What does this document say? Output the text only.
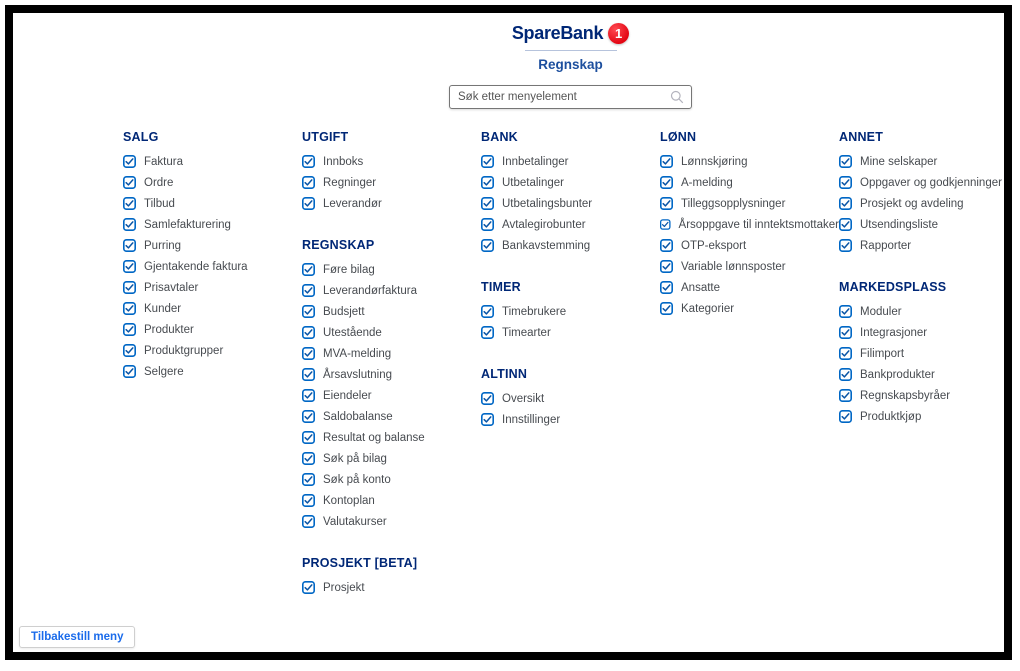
SpareBank 1
Regnskap
Søk etter menyelement
SALG
Faktura
Ordre
Tilbud
Samlefakturering
Purring
Gjentakende faktura
Prisavtaler
Kunder
Produkter
Produktgrupper
Selgere
UTGIFT
Innboks
Regninger
Leverandør
REGNSKAP
Føre bilag
Leverandørfaktura
Budsjett
Utestående
MVA-melding
Årsavslutning
Eiendeler
Saldobalanse
Resultat og balanse
Søk på bilag
Søk på konto
Kontoplan
Valutakurser
PROSJEKT [BETA]
Prosjekt
BANK
Innbetalinger
Utbetalinger
Utbetalingsbunter
Avtalegirobunter
Bankavstemming
TIMER
Timebrukere
Timearter
ALTINN
Oversikt
Innstillinger
LØNN
Lønnskjøring
A-melding
Tilleggsopplysninger
Årsoppgave til inntektsmottaker
OTP-eksport
Variable lønnsposter
Ansatte
Kategorier
ANNET
Mine selskaper
Oppgaver og godkjenninger
Prosjekt og avdeling
Utsendingsliste
Rapporter
MARKEDSPLASS
Moduler
Integrasjoner
Filimport
Bankprodukter
Regnskapsbyråer
Produktkjøp
Tilbakestill meny
